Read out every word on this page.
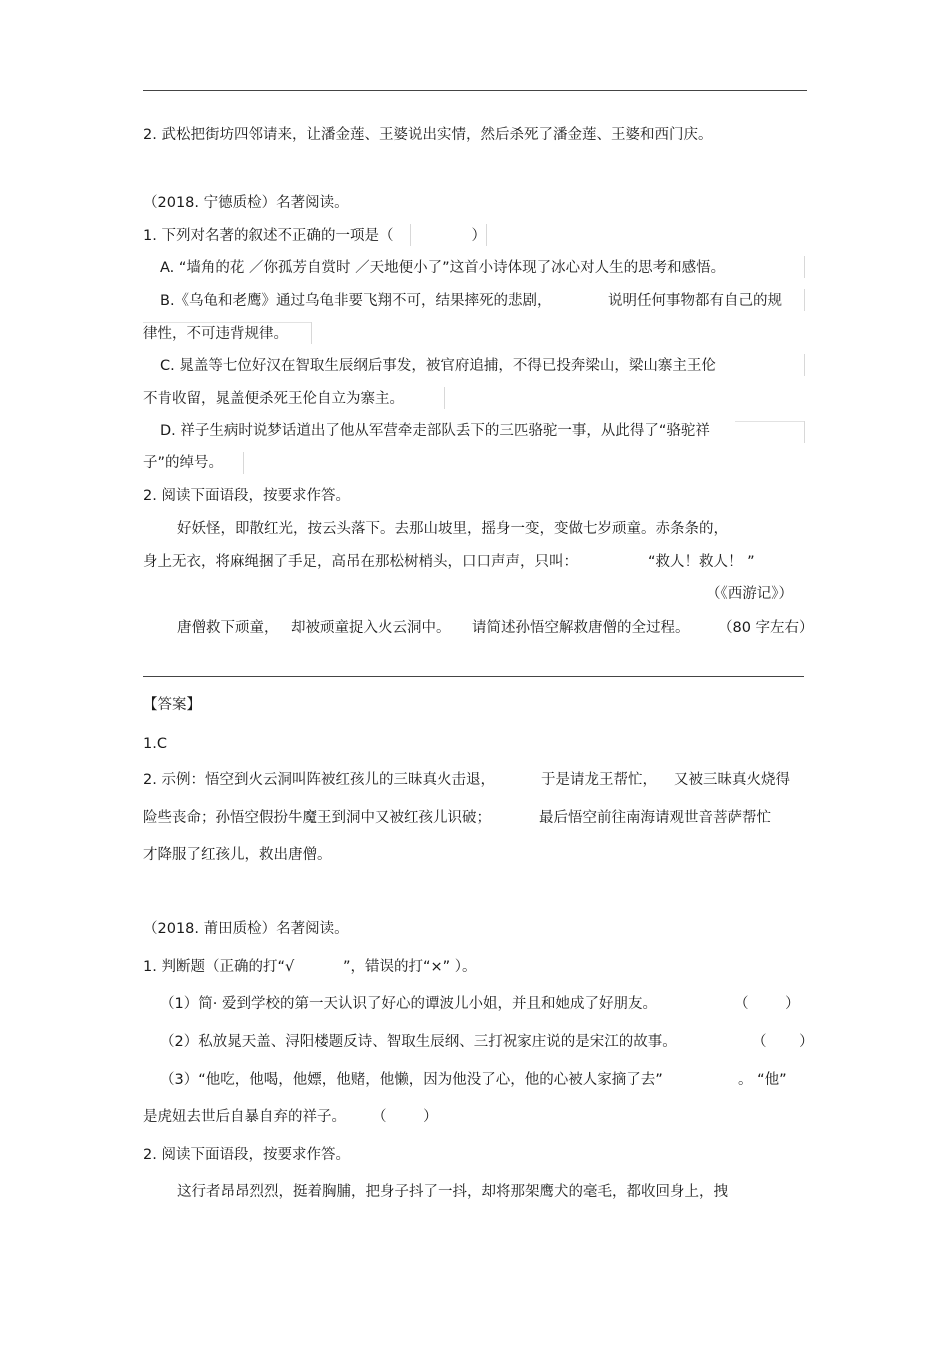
2. 武松把街坊四邻请来，让潘金莲、王婆说出实情，然后杀死了潘金莲、王婆和西门庆。
（2018. 宁德质检）名著阅读。
1. 下列对名著的叙述不正确的一项是（	）
A. “墙角的花 ／你孤芳自赏时 ／天地便小了”这首小诗体现了冰心对人生的思考和感悟。
B.《乌龟和老鹰》通过乌龟非要飞翔不可，结果摔死的悲剧，	说明任何事物都有自己的规
律性，不可违背规律。
C. 晁盖等七位好汉在智取生辰纲后事发，被官府追捕，不得已投奔梁山，梁山寨主王伦
不肯收留，晁盖便杀死王伦自立为寨主。
D. 祥子生病时说梦话道出了他从军营牵走部队丢下的三匹骆驼一事，从此得了“骆驼祥
子”的绰号。
2. 阅读下面语段，按要求作答。
好妖怪，即散红光，按云头落下。去那山坡里，摇身一变，变做七岁顽童。赤条条的，
身上无衣，将麻绳捆了手足，高吊在那松树梢头，口口声声，只叫：	“救人！救人！ ”
（《西游记》）
唐僧救下顽童， 却被顽童捉入火云洞中。 请简述孙悟空解救唐僧的全过程。 （80 字左右）
【答案】
1.C
2. 示例：悟空到火云洞叫阵被红孩儿的三昧真火击退，	于是请龙王帮忙， 又被三昧真火烧得
险些丧命；孙悟空假扮牛魔王到洞中又被红孩儿识破；	最后悟空前往南海请观世音菩萨帮忙
才降服了红孩儿，救出唐僧。
（2018. 莆田质检）名著阅读。
1. 判断题（正确的打“√	”，错误的打“×” ）。
（1）简· 爱到学校的第一天认识了好心的谭波儿小姐，并且和她成了好朋友。	（ ）
（2）私放晁天盖、浔阳楼题反诗、智取生辰纲、三打祝家庄说的是宋江的故事。	（ ）
（3）“他吃，他喝，他嫖，他赌，他懒，因为他没了心，他的心被人家摘了去”	。 “他”
是虎妞去世后自暴自弃的祥子。 （ ）
2. 阅读下面语段，按要求作答。
这行者昂昂烈烈，挺着胸脯，把身子抖了一抖，却将那架鹰犬的毫毛，都收回身上，拽
